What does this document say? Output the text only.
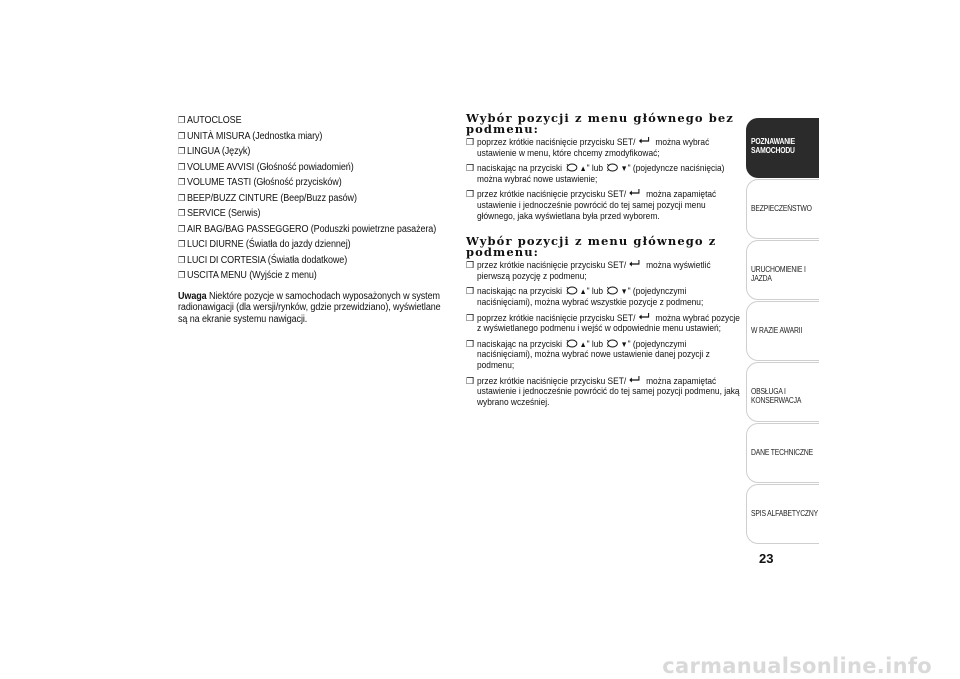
❒ AUTOCLOSE
❒ UNITÀ MISURA (Jednostka miary)
❒ LINGUA (Język)
❒ VOLUME AVVISI (Głośność powiadomień)
❒ VOLUME TASTI (Głośność przycisków)
❒ BEEP/BUZZ CINTURE (Beep/Buzz pasów)
❒ SERVICE (Serwis)
❒ AIR BAG/BAG PASSEGGERO (Poduszki powietrzne pasażera)
❒ LUCI DIURNE (Światła do jazdy dziennej)
❒ LUCI DI CORTESIA (Światła dodatkowe)
❒ USCITA MENU (Wyjście z menu)
Uwaga Niektóre pozycje w samochodach wyposażonych w system radionawigacji (dla wersji/rynków, gdzie przewidziano), wyświetlane są na ekranie systemu nawigacji.
Wybór pozycji z menu głównego bez podmenu:
❒ poprzez krótkie naciśnięcie przycisku SET/ można wybrać ustawienie w menu, które chcemy zmodyfikować;
❒ naciskając na przyciski ▲" lub ▼" (pojedyncze naciśnięcia) można wybrać nowe ustawienie;
❒ przez krótkie naciśnięcie przycisku SET/ można zapamiętać ustawienie i jednocześnie powrócić do tej samej pozycji menu głównego, jaka wyświetlana była przed wyborem.
Wybór pozycji z menu głównego z podmenu:
❒ przez krótkie naciśnięcie przycisku SET/ można wyświetlić pierwszą pozycję z podmenu;
❒ naciskając na przyciski ▲" lub ▼" (pojedynczymi naciśnięciami), można wybrać wszystkie pozycje z podmenu;
❒ poprzez krótkie naciśnięcie przycisku SET/ można wybrać pozycje z wyświetlanego podmenu i wejść w odpowiednie menu ustawień;
❒ naciskając na przyciski ▲" lub ▼" (pojedynczymi naciśnięciami), można wybrać nowe ustawienie danej pozycji z podmenu;
❒ przez krótkie naciśnięcie przycisku SET/ można zapamiętać ustawienie i jednocześnie powrócić do tej samej pozycji podmenu, jaką wybrano wcześniej.
POZNAWANIE SAMOCHODU
BEZPIECZEŃSTWO
URUCHOMIENIE I JAZDA
W RAZIE AWARII
OBSŁUGA I KONSERWACJA
DANE TECHNICZNE
SPIS ALFABETYCZNY
23
carmanualsonline.info
